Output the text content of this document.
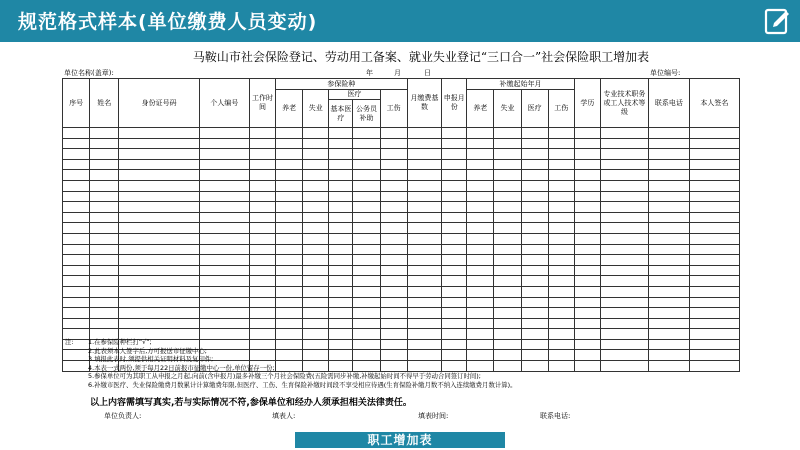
规范格式样本(单位缴费人员变动)
马鞍山市社会保险登记、劳动用工备案、就业失业登记“三口合一”社会保险职工增加表
单位名称(盖章):	年	月	日	单位编号:
序号	姓名	身份证号码	个人编号	工作时间	参保险种					月缴费基数	申报月份	补缴起始年月				学历	专业技术职务或工人技术等级	联系电话	本人签名
					养老	失业	医疗		工伤			养老	失业	医疗	工伤				
							基本医疗	公务员补助											

注: 1.在参保险种栏打“√”;
2.此表须本人签字后,方可报送市征缴中心;
3.填报此表时,须提供相关证明材料及复印件;
4.本表一式两份,须于每月22日前报市征缴中心一份,单位留存一份;
5.参保单位可为其职工从申报之月起,向前(含申报月)最多补缴三个月社会保险费(五险需同步补缴,补缴起始时间不得早于劳动合同签订时间);
6.补缴市医疗、失业保险缴费月数累计计算缴费年限,但医疗、工伤、生育保险补缴时间段不享受相应待遇(生育保险补缴月数不纳入连续缴费月数计算)。
以上内容需填写真实,若与实际情况不符,参保单位和经办人须承担相关法律责任。
单位负责人:	填表人:	填表时间:	联系电话:
职工增加表
